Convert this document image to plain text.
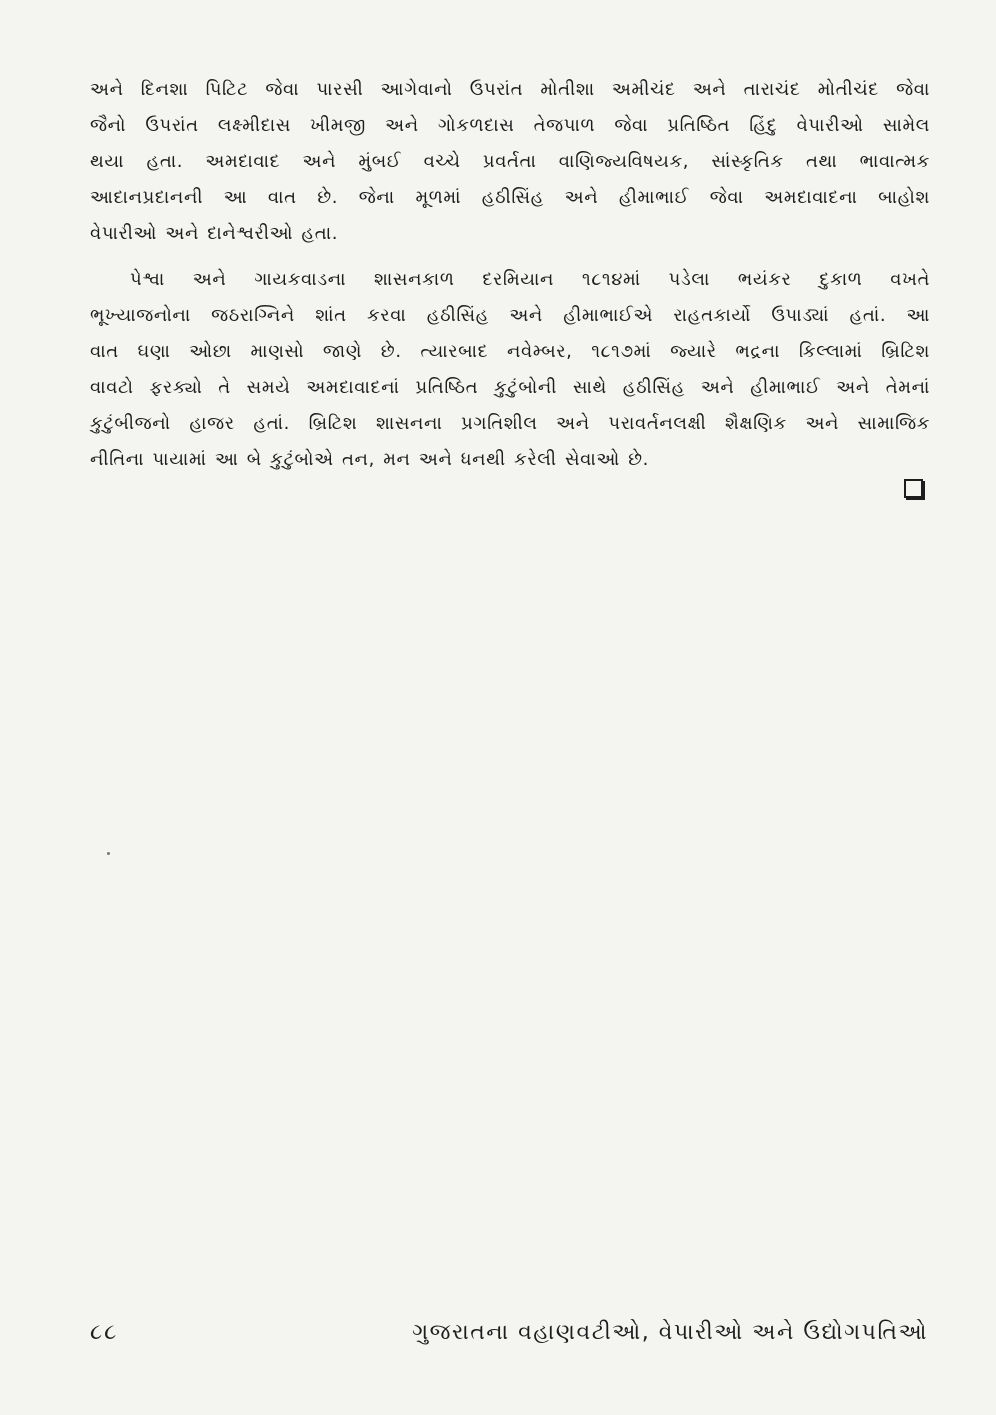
અને દિનશા પિટિટ જેવા પારસી આગેવાનો ઉપરાંત મોતીશા અમીચંદ અને તારાચંદ મોતીચંદ જેવા
જૈનો ઉપરાંત લક્ષ્મીદાસ ખીમજી અને ગોકળદાસ તેજપાળ જેવા પ્રતિષ્ઠિત હિંદુ વેપારીઓ સામેલ
થયા હતા. અમદાવાદ અને મુંબઈ વચ્ચે પ્રવર્તતા વાણિજ્યવિષયક, સાંસ્કૃતિક તથા ભાવાત્મક
આદાનપ્રદાનની આ વાત છે. જેના મૂળમાં હઠીસિંહ અને હીમાભાઈ જેવા અમદાવાદના બાહોશ
વેપારીઓ અને દાનેશ્વરીઓ હતા.
પેશ્વા અને ગાયકવાડના શાસનકાળ દરમિયાન ૧૮૧૪માં પડેલા ભયંકર દુકાળ વખતે
ભૂખ્યાજનોના જઠરાગ્નિને શાંત કરવા હઠીસિંહ અને હીમાભાઈએ રાહતકાર્યો ઉપાડ્યાં હતાં. આ
વાત ઘણા ઓછા માણસો જાણે છે. ત્યારબાદ નવેમ્બર, ૧૮૧૭માં જ્યારે ભદ્રના કિલ્લામાં બ્રિટિશ
વાવટો ફરક્યો તે સમયે અમદાવાદનાં પ્રતિષ્ઠિત કુટુંબોની સાથે હઠીસિંહ અને હીમાભાઈ અને તેમનાં
કુટુંબીજનો હાજર હતાં. બ્રિટિશ શાસનના પ્રગતિશીલ અને પરાવર્તનલક્ષી શૈક્ષણિક અને સામાજિક
નીતિના પાયામાં આ બે કુટુંબોએ તન, મન અને ધનથી કરેલી સેવાઓ છે.
૮૮	ગુજરાતના વહાણવટીઓ, વેપારીઓ અને ઉદ્યોગપતિઓ
